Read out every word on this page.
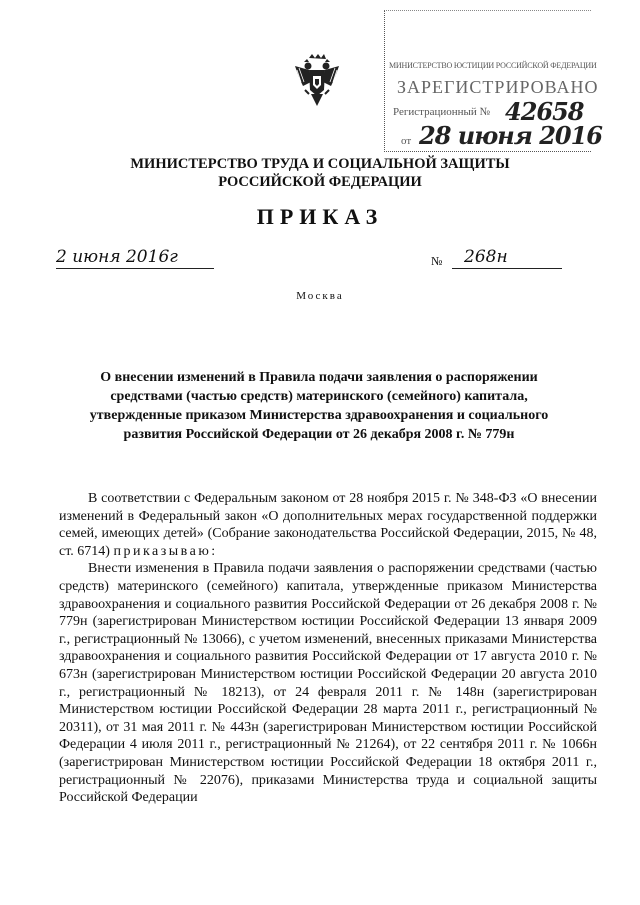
МИНИСТЕРСТВО ЮСТИЦИИ РОССИЙСКОЙ ФЕДЕРАЦИИ
ЗАРЕГИСТРИРОВАНО
Регистрационный № 42658
от 28 июня 2016
МИНИСТЕРСТВО ТРУДА И СОЦИАЛЬНОЙ ЗАЩИТЫ
РОССИЙСКОЙ ФЕДЕРАЦИИ
ПРИКАЗ
2 июня 2016г	№	268н
Москва
О внесении изменений в Правила подачи заявления о распоряжении средствами (частью средств) материнского (семейного) капитала, утвержденные приказом Министерства здравоохранения и социального развития Российской Федерации от 26 декабря 2008 г. № 779н

В соответствии с Федеральным законом от 28 ноября 2015 г. № 348-ФЗ «О внесении изменений в Федеральный закон «О дополнительных мерах государственной поддержки семей, имеющих детей» (Собрание законодательства Российской Федерации, 2015, № 48, ст. 6714) приказываю:

Внести изменения в Правила подачи заявления о распоряжении средствами (частью средств) материнского (семейного) капитала, утвержденные приказом Министерства здравоохранения и социального развития Российской Федерации от 26 декабря 2008 г. № 779н (зарегистрирован Министерством юстиции Российской Федерации 13 января 2009 г., регистрационный № 13066), с учетом изменений, внесенных приказами Министерства здравоохранения и социального развития Российской Федерации от 17 августа 2010 г. № 673н (зарегистрирован Министерством юстиции Российской Федерации 20 августа 2010 г., регистрационный № 18213), от 24 февраля 2011 г. № 148н (зарегистрирован Министерством юстиции Российской Федерации 28 марта 2011 г., регистрационный № 20311), от 31 мая 2011 г. № 443н (зарегистрирован Министерством юстиции Российской Федерации 4 июля 2011 г., регистрационный № 21264), от 22 сентября 2011 г. № 1066н (зарегистрирован Министерством юстиции Российской Федерации 18 октября 2011 г., регистрационный № 22076), приказами Министерства труда и социальной защиты Российской Федерации
